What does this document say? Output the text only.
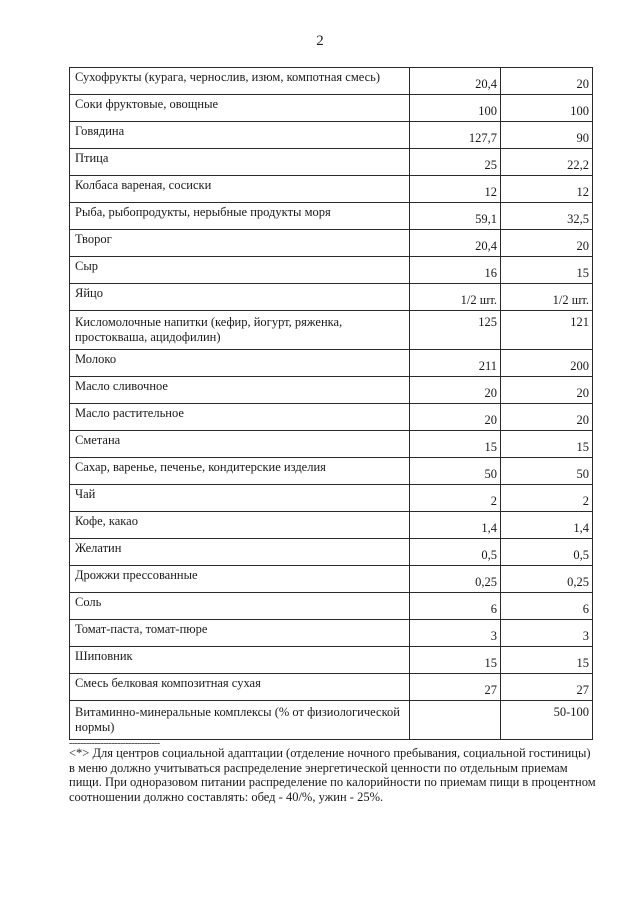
2
Сухофрукты (курага, чернослив, изюм, компотная смесь)	20,4	20
Соки фруктовые, овощные	100	100
Говядина	127,7	90
Птица	25	22,2
Колбаса вареная, сосиски	12	12
Рыба, рыбопродукты, нерыбные продукты моря	59,1	32,5
Творог	20,4	20
Сыр	16	15
Яйцо	1/2 шт.	1/2 шт.
Кисломолочные напитки (кефир, йогурт, ряженка, простокваша, ацидофилин)	125	121
Молоко	211	200
Масло сливочное	20	20
Масло растительное	20	20
Сметана	15	15
Сахар, варенье, печенье, кондитерские изделия	50	50
Чай	2	2
Кофе, какао	1,4	1,4
Желатин	0,5	0,5
Дрожжи прессованные	0,25	0,25
Соль	6	6
Томат-паста, томат-пюре	3	3
Шиповник	15	15
Смесь белковая композитная сухая	27	27
Витаминно-минеральные комплексы (% от физиологической нормы)		50-100
--------------------------------
<*> Для центров социальной адаптации (отделение ночного пребывания, социальной гостиницы) в меню должно учитываться распределение энергетической ценности по отдельным приемам пищи. При одноразовом питании распределение по калорийности по приемам пищи в процентном соотношении должно составлять: обед - 40/%, ужин - 25%.
